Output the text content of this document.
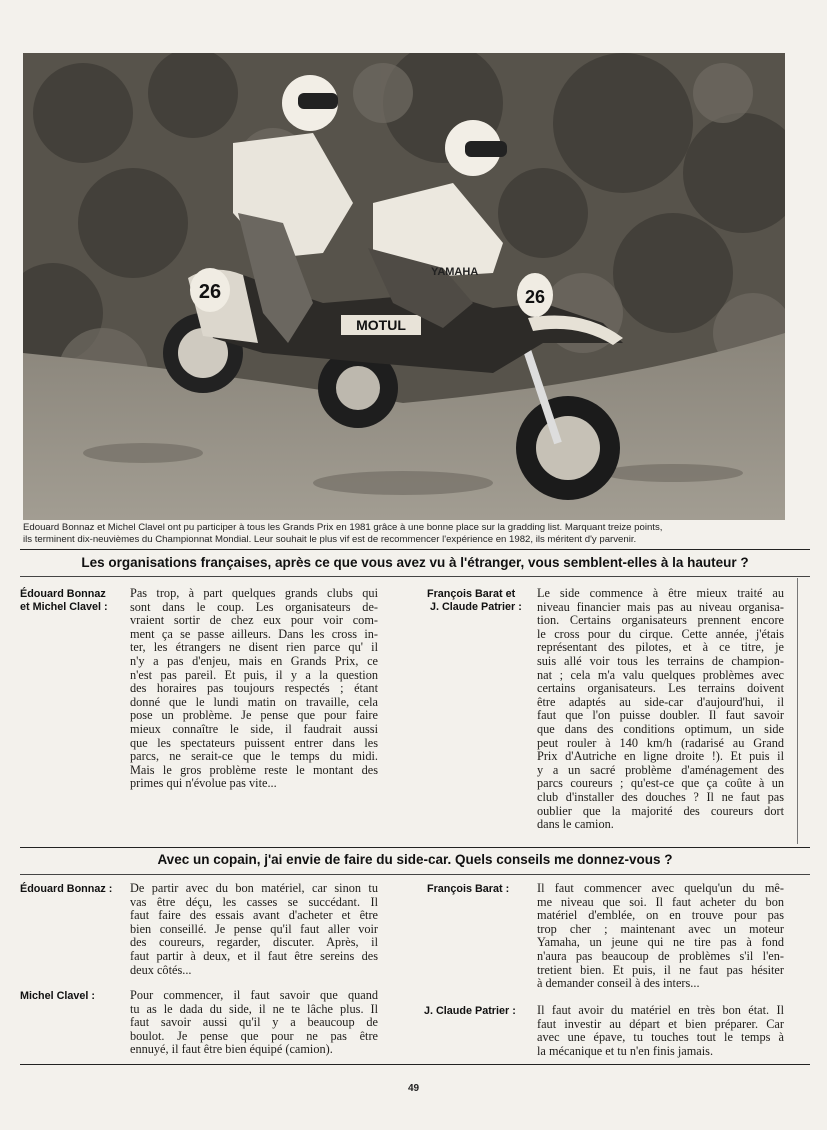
26	26
MOTUL
YAMAHA
Edouard Bonnaz et Michel Clavel ont pu participer à tous les Grands Prix en 1981 grâce à une bonne place sur la gradding list. Marquant treize points,
ils terminent dix-neuvièmes du Championnat Mondial. Leur souhait le plus vif est de recommencer l'expérience en 1982, ils méritent d'y parvenir.
Les organisations françaises, après ce que vous avez vu à l'étranger, vous semblent-elles à la hauteur ?
Édouard Bonnaz
et Michel Clavel :
Pas trop, à part quelques grands clubs qui
sont dans le coup. Les organisateurs de-
vraient sortir de chez eux pour voir com-
ment ça se passe ailleurs. Dans les cross in-
ter, les étrangers ne disent rien parce qu' il
n'y a pas d'enjeu, mais en Grands Prix, ce
n'est pas pareil. Et puis, il y a la question
des horaires pas toujours respectés ; étant
donné que le lundi matin on travaille, cela
pose un problème. Je pense que pour faire
mieux connaître le side, il faudrait aussi
que les spectateurs puissent entrer dans les
parcs, ne serait-ce que le temps du midi.
Mais le gros problème reste le montant des
primes qui n'évolue pas vite...
François Barat et
J. Claude Patrier :
Le side commence à être mieux traité au
niveau financier mais pas au niveau organisa-
tion. Certains organisateurs prennent encore
le cross pour du cirque. Cette année, j'étais
représentant des pilotes, et à ce titre, je
suis allé voir tous les terrains de champion-
nat ; cela m'a valu quelques problèmes avec
certains organisateurs. Les terrains doivent
être adaptés au side-car d'aujourd'hui, il
faut que l'on puisse doubler. Il faut savoir
que dans des conditions optimum, un side
peut rouler à 140 km/h (radarisé au Grand
Prix d'Autriche en ligne droite !). Et puis il
y a un sacré problème d'aménagement des
parcs coureurs ; qu'est-ce que ça coûte à un
club d'installer des douches ? Il ne faut pas
oublier que la majorité des coureurs dort
dans le camion.
Avec un copain, j'ai envie de faire du side-car. Quels conseils me donnez-vous ?
Édouard Bonnaz : De partir avec du bon matériel, car sinon tu
vas être déçu, les casses se succédant. Il
faut faire des essais avant d'acheter et être
bien conseillé. Je pense qu'il faut aller voir
des coureurs, regarder, discuter. Après, il
faut partir à deux, et il faut être sereins des
deux côtés...
Michel Clavel :	Pour commencer, il faut savoir que quand
tu as le dada du side, il ne te lâche plus. Il
faut savoir aussi qu'il y a beaucoup de
boulot. Je pense que pour ne pas être
ennuyé, il faut être bien équipé (camion).
François Barat : Il faut commencer avec quelqu'un du mê-
me niveau que soi. Il faut acheter du bon
matériel d'emblée, on en trouve pour pas
trop cher ; maintenant avec un moteur
Yamaha, un jeune qui ne tire pas à fond
n'aura pas beaucoup de problèmes s'il l'en-
tretient bien. Et puis, il ne faut pas hésiter
à demander conseil à des inters...
J. Claude Patrier : Il faut avoir du matériel en très bon état. Il
faut investir au départ et bien préparer. Car
avec une épave, tu touches tout le temps à
la mécanique et tu n'en finis jamais.
49
